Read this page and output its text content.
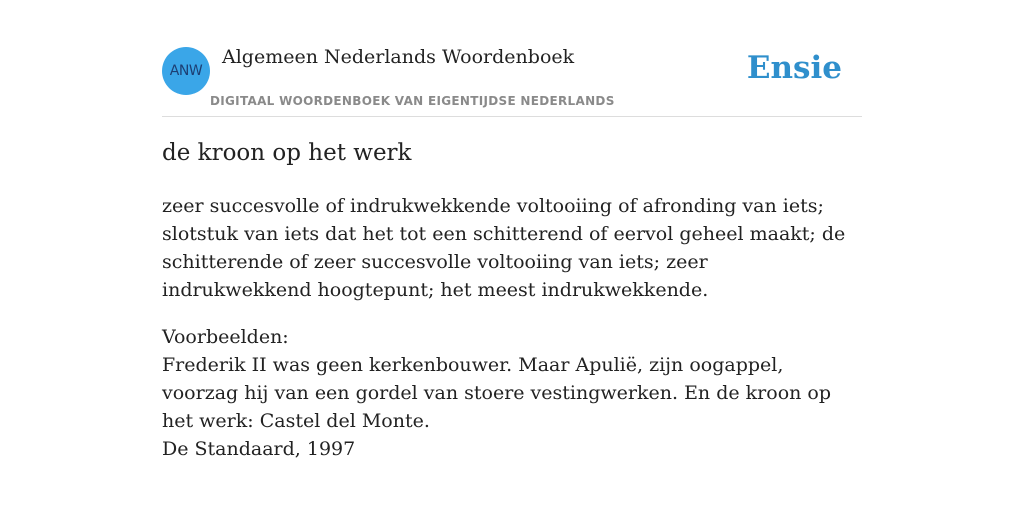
ANW
Algemeen Nederlands Woordenboek
DIGITAAL WOORDENBOEK VAN EIGENTIJDSE NEDERLANDS
Ensie
de kroon op het werk

zeer succesvolle of indrukwekkende voltooiing of afronding van iets; slotstuk van iets dat het tot een schitterend of eervol geheel maakt; de schitterende of zeer succesvolle voltooiing van iets; zeer indrukwekkend hoogtepunt; het meest indrukwekkende.

Voorbeelden:
Frederik II was geen kerkenbouwer. Maar Apulië, zijn oogappel, voorzag hij van een gordel van stoere vestingwerken. En de kroon op het werk: Castel del Monte.
De Standaard, 1997
